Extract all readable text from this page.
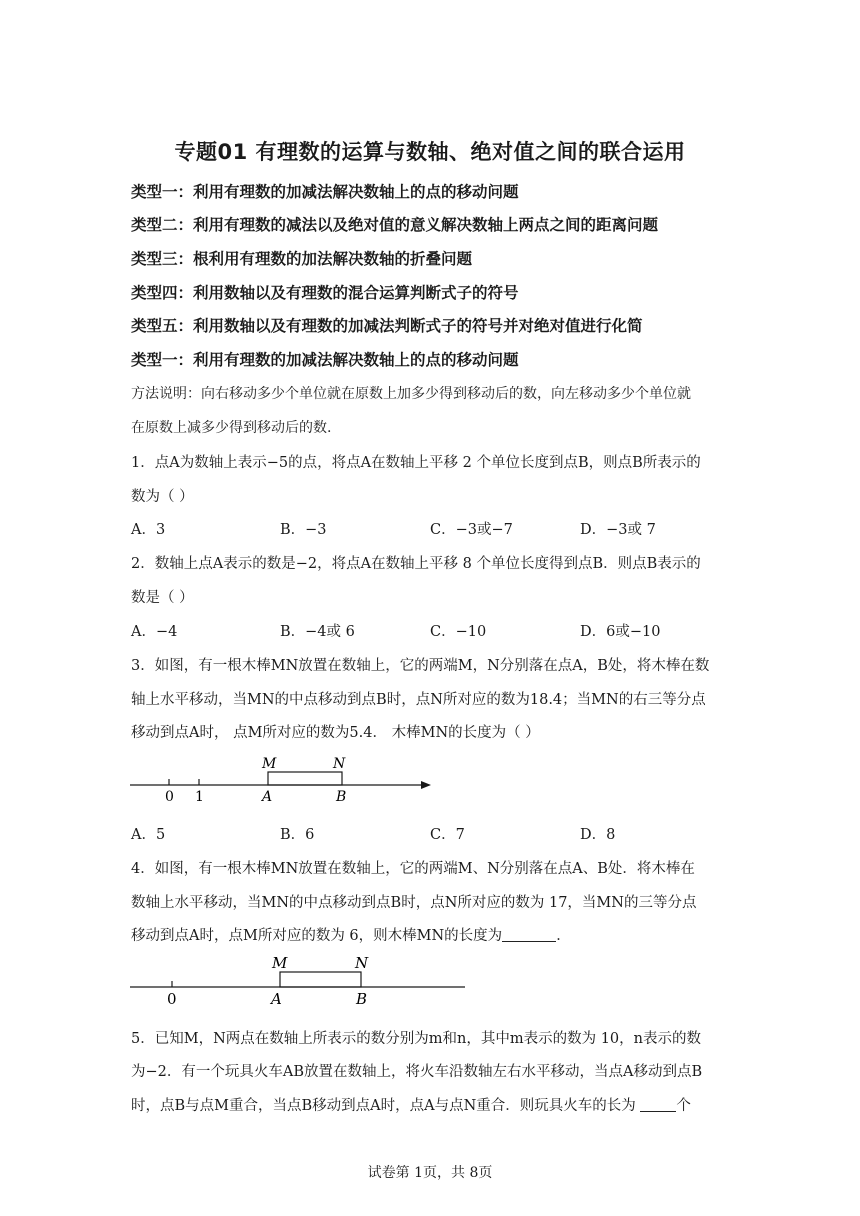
专题01 有理数的运算与数轴、绝对值之间的联合运用
类型一：利用有理数的加减法解决数轴上的点的移动问题
类型二：利用有理数的减法以及绝对值的意义解决数轴上两点之间的距离问题
类型三：根利用有理数的加法解决数轴的折叠问题
类型四：利用数轴以及有理数的混合运算判断式子的符号
类型五：利用数轴以及有理数的加减法判断式子的符号并对绝对值进行化简
类型一：利用有理数的加减法解决数轴上的点的移动问题
方法说明：向右移动多少个单位就在原数上加多少得到移动后的数，向左移动多少个单位就
在原数上减多少得到移动后的数.
1．点A为数轴上表示−5的点，将点A在数轴上平移 2 个单位长度到点B，则点B所表示的
数为（ ）
A．3	B．−3	C．−3或−7	D．−3或 7
2．数轴上点A表示的数是−2，将点A在数轴上平移 8 个单位长度得到点B．则点B表示的
数是（ ）
A．−4	B．−4或 6	C．−10	D．6或−10
3．如图，有一根木棒MN放置在数轴上，它的两端M，N分别落在点A，B处，将木棒在数
轴上水平移动，当MN的中点移动到点B时，点N所对应的数为18.4；当MN的右三等分点
移动到点A时， 点M所对应的数为5.4． 木棒MN的长度为（ ）
0 1
M	N
A	B
A．5	B．6	C．7	D．8
4．如图，有一根木棒MN放置在数轴上，它的两端M、N分别落在点A、B处．将木棒在
数轴上水平移动，当MN的中点移动到点B时，点N所对应的数为 17，当MN的三等分点
移动到点A时，点M所对应的数为 6，则木棒MN的长度为	．
0
M	N
A	B
5．已知M，N两点在数轴上所表示的数分别为m和n，其中m表示的数为 10，n表示的数
为−2．有一个玩具火车AB放置在数轴上，将火车沿数轴左右水平移动，当点A移动到点B
时，点B与点M重合，当点B移动到点A时，点A与点N重合．则玩具火车的长为 个
试卷第 1页，共 8页
